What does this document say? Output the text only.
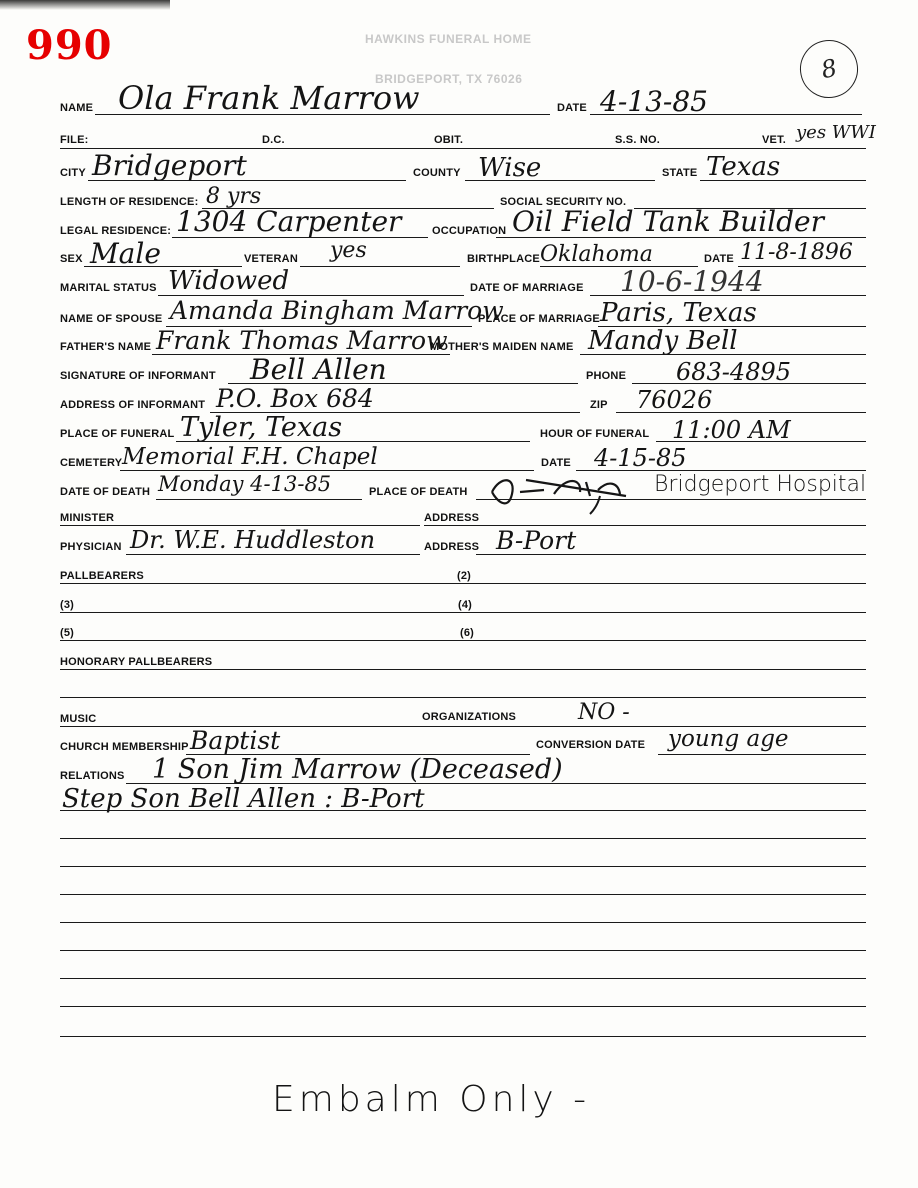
HAWKINS FUNERAL HOME
BRIDGEPORT, TX 76026
990	8
NAME Ola Frank Marrow	DATE 4-13-85
FILE:	D.C.	OBIT.	S.S. NO.	VET. yes WWI
CITY Bridgeport	COUNTY Wise	STATE Texas
LENGTH OF RESIDENCE: 8 yrs	SOCIAL SECURITY NO.
LEGAL RESIDENCE: 1304 Carpenter	OCCUPATION Oil Field Tank Builder
SEX Male	VETERAN yes	BIRTHPLACE Oklahoma	DATE 11-8-1896
MARITAL STATUS Widowed	DATE OF MARRIAGE 10-6-1944
NAME OF SPOUSE Amanda Bingham Marrow
PLACE OF MARRIAGE Paris, Texas
FATHER'S NAME Frank Thomas Marrow
MOTHER'S MAIDEN NAME Mandy Bell
SIGNATURE OF INFORMANT Bell Allen	PHONE 683-4895
ADDRESS OF INFORMANT P.O. Box 684	ZIP 76026
PLACE OF FUNERAL Tyler, Texas	HOUR OF FUNERAL 11:00 AM
CEMETERY Memorial F.H. Chapel	DATE 4-15-85
DATE OF DEATH Monday 4-13-85	PLACE OF DEATH	Bridgeport Hospital
MINISTER	ADDRESS
PHYSICIAN Dr. W.E. Huddleston	ADDRESS B-Port
PALLBEARERS	(2)
(3)	(4)
(5)	(6)
HONORARY PALLBEARERS
MUSIC	ORGANIZATIONS	NO -
CHURCH MEMBERSHIP Baptist	CONVERSION DATE young age
RELATIONS 1 Son Jim Marrow (Deceased)
Step Son Bell Allen : B-Port
Embalm Only -
